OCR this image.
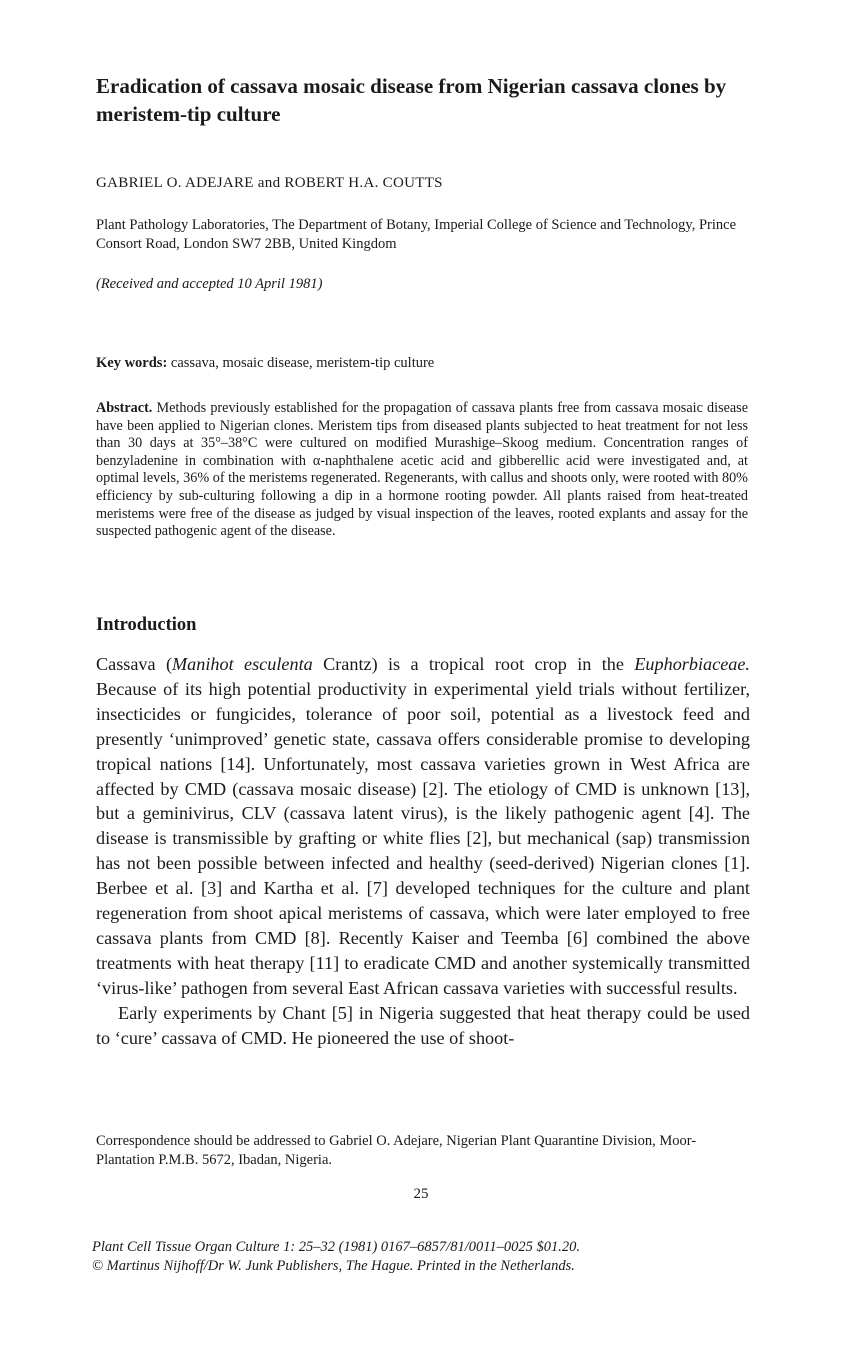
Eradication of cassava mosaic disease from Nigerian cassava clones by meristem-tip culture

GABRIEL O. ADEJARE and ROBERT H.A. COUTTS

Plant Pathology Laboratories, The Department of Botany, Imperial College of Science and Technology, Prince Consort Road, London SW7 2BB, United Kingdom

(Received and accepted 10 April 1981)

Key words: cassava, mosaic disease, meristem-tip culture

Abstract. Methods previously established for the propagation of cassava plants free from cassava mosaic disease have been applied to Nigerian clones. Meristem tips from diseased plants subjected to heat treatment for not less than 30 days at 35°–38°C were cultured on modified Murashige–Skoog medium. Concentration ranges of benzyladenine in combination with α-naphthalene acetic acid and gibberellic acid were investigated and, at optimal levels, 36% of the meristems regenerated. Regenerants, with callus and shoots only, were rooted with 80% efficiency by sub-culturing following a dip in a hormone rooting powder. All plants raised from heat-treated meristems were free of the disease as judged by visual inspection of the leaves, rooted explants and assay for the suspected pathogenic agent of the disease.

Introduction

Cassava (Manihot esculenta Crantz) is a tropical root crop in the Euphorbiaceae. Because of its high potential productivity in experimental yield trials without fertilizer, insecticides or fungicides, tolerance of poor soil, potential as a livestock feed and presently ‘unimproved’ genetic state, cassava offers considerable promise to developing tropical nations [14]. Unfortunately, most cassava varieties grown in West Africa are affected by CMD (cassava mosaic disease) [2]. The etiology of CMD is unknown [13], but a geminivirus, CLV (cassava latent virus), is the likely pathogenic agent [4]. The disease is transmissible by grafting or white flies [2], but mechanical (sap) transmission has not been possible between infected and healthy (seed-derived) Nigerian clones [1]. Berbee et al. [3] and Kartha et al. [7] developed techniques for the culture and plant regeneration from shoot apical meristems of cassava, which were later employed to free cassava plants from CMD [8]. Recently Kaiser and Teemba [6] combined the above treatments with heat therapy [11] to eradicate CMD and another systemically transmitted ‘virus-like’ pathogen from several East African cassava varieties with successful results.

Early experiments by Chant [5] in Nigeria suggested that heat therapy could be used to ‘cure’ cassava of CMD. He pioneered the use of shoot-

Correspondence should be addressed to Gabriel O. Adejare, Nigerian Plant Quarantine Division, Moor-Plantation P.M.B. 5672, Ibadan, Nigeria.

25

Plant Cell Tissue Organ Culture 1: 25–32 (1981) 0167–6857/81/0011–0025 $01.20.
© Martinus Nijhoff/Dr W. Junk Publishers, The Hague. Printed in the Netherlands.
